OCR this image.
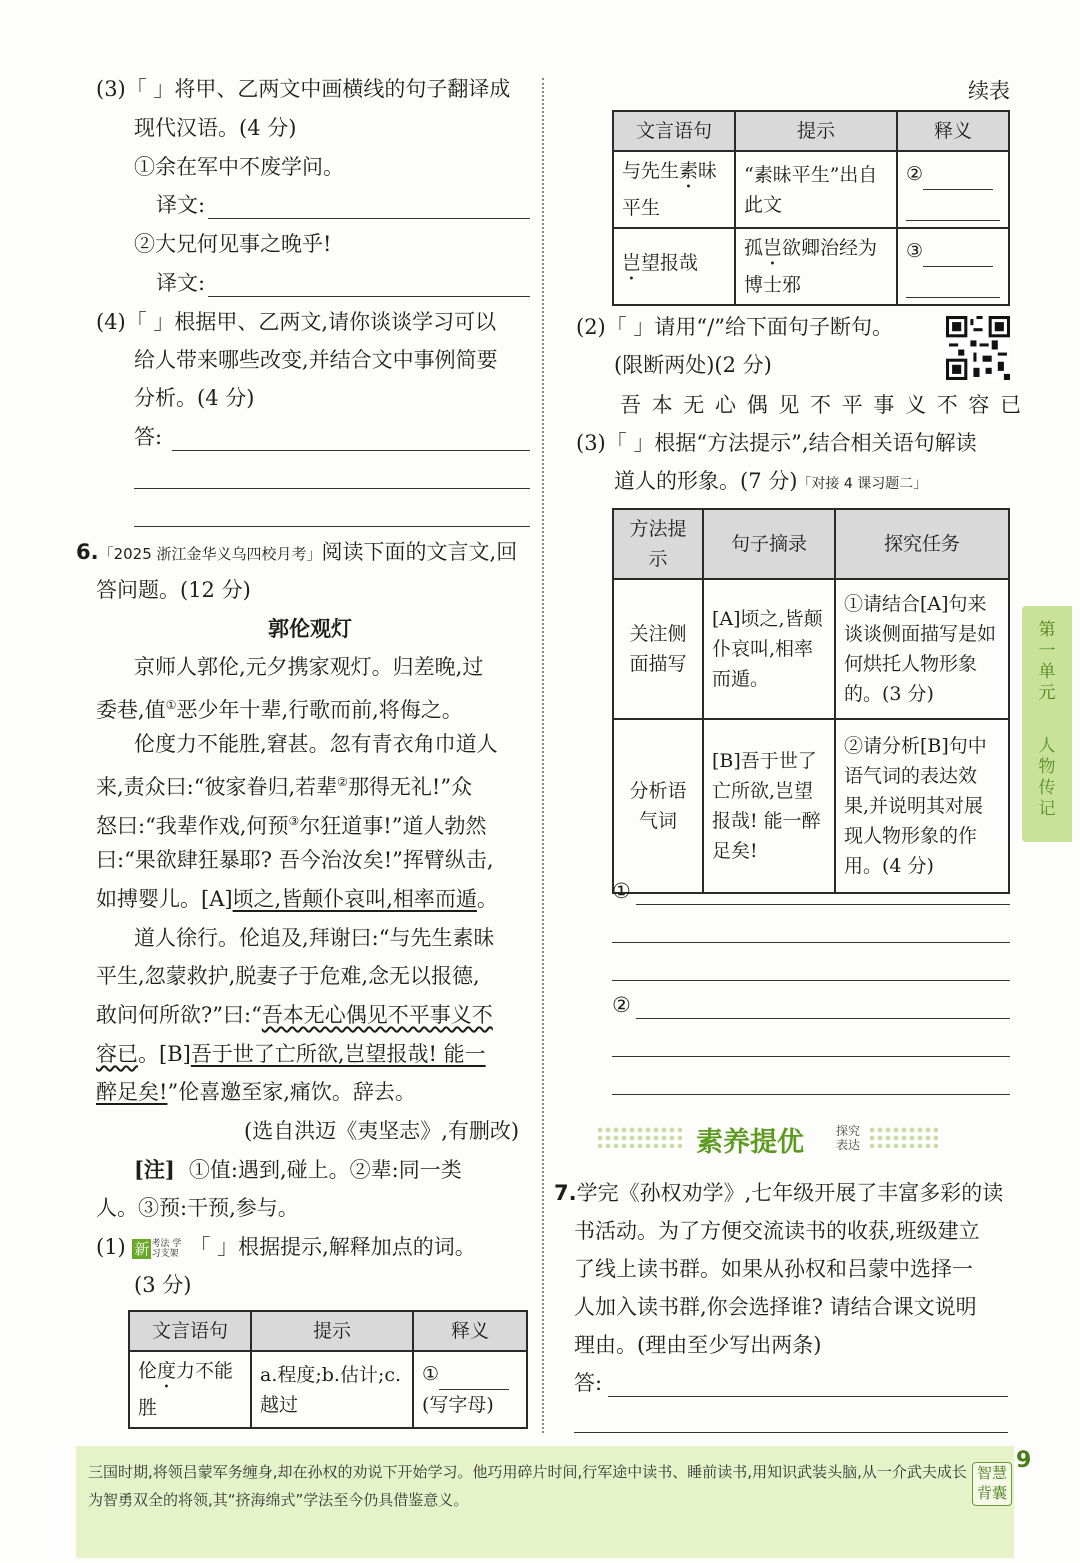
(3)「 」将甲、乙两文中画横线的句子翻译成
现代汉语。(4 分)
①余在军中不废学问。
译文:
②大兄何见事之晚乎!
译文:
(4)「 」根据甲、乙两文,请你谈谈学习可以
给人带来哪些改变,并结合文中事例简要
分析。(4 分)
答:
6.「2025 浙江金华义乌四校月考」阅读下面的文言文,回
答问题。(12 分)
郭伦观灯
京师人郭伦,元夕携家观灯。归差晚,过
委巷,值①恶少年十辈,行歌而前,将侮之。
伦度力不能胜,窘甚。忽有青衣角巾道人
来,责众曰:“彼家眷归,若辈②那得无礼!”众
怒曰:“我辈作戏,何预③尔狂道事!”道人勃然
曰:“果欲肆狂暴耶? 吾今治汝矣!”挥臂纵击,
如搏婴儿。[A]顷之,皆颠仆哀叫,相率而遁。
道人徐行。伦追及,拜谢曰:“与先生素昧
平生,忽蒙救护,脱妻子于危难,念无以报德,
敢问何所欲?”曰:“吾本无心偶见不平事义不
容已。[B]吾于世了亡所欲,岂望报哉! 能一
醉足矣!”伦喜邀至家,痛饮。辞去。
(选自洪迈《夷坚志》,有删改)
[注] ①值:遇到,碰上。②辈:同一类
人。③预:干预,参与。
(1) 新 考法 学习支架 「 」根据提示,解释加点的词。
(3 分)
文言语句	提示	释义
伦度力不能胜	a.程度;b.估计;c.越过	①
(写字母)
续表
文言语句	提示	释义
与先生素昧平生	“素昧平生”出自此文	②

岂望报哉	孤岂欲卿治经为博士邪	③

(2)「 」请用“/”给下面句子断句。
(限断两处)(2 分)
吾 本 无 心 偶 见 不 平 事 义 不 容 已
(3)「 」根据“方法提示”,结合相关语句解读
道人的形象。(7 分)「对接 4 课习题二」
方法提示	句子摘录	探究任务
关注侧面描写	[A]顷之,皆颠仆哀叫,相率而遁。	①请结合[A]句来谈谈侧面描写是如何烘托人物形象的。(3 分)
分析语气词	[B]吾于世了亡所欲,岂望报哉! 能一醉足矣!	②请分析[B]句中语气词的表达效果,并说明其对展现人物形象的作用。(4 分)
①
②
素养提优	探究表达
7.学完《孙权劝学》,七年级开展了丰富多彩的读
书活动。为了方便交流读书的收获,班级建立
了线上读书群。如果从孙权和吕蒙中选择一
人加入读书群,你会选择谁? 请结合课文说明
理由。(理由至少写出两条)
答:
第一单元
人物传记
三国时期,将领吕蒙军务缠身,却在孙权的劝说下开始学习。他巧用碎片时间,行军途中读书、睡前读书,用知识武装头脑,从一介武夫成长为智勇双全的将领,其“挤海绵式”学法至今仍具借鉴意义。
智慧背囊
9
